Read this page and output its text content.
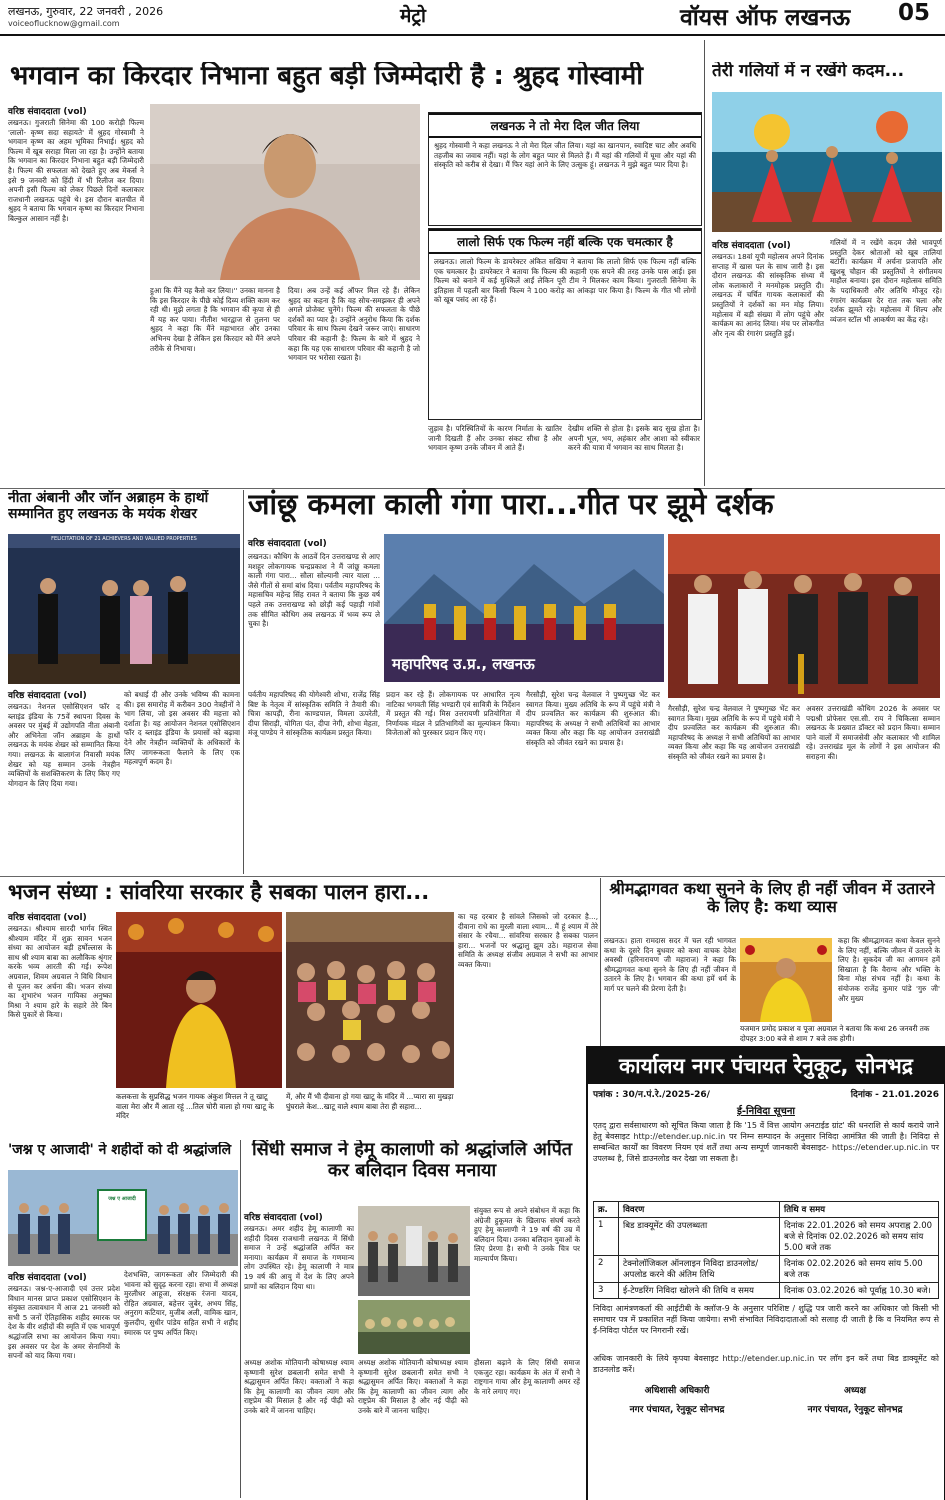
लखनऊ, गुरुवार, 22 जनवरी , 2026
voiceoflucknow@gmail.com	मेट्रो	वॉयस ऑफ लखनऊ 05
भगवान का किरदार निभाना बहुत बड़ी जिम्मेदारी है : श्रुहद गोस्वामी
वरिष्ठ संवाददाता (vol)
लखनऊ। गुजराती सिनेमा की 100 करोड़ी फिल्म 'लालो- कृष्ण सदा सहायते' में श्रुहद गोस्वामी ने भगवान कृष्ण का अहम भूमिका निभाई। श्रुहद को फिल्म में खूब सराहा मिला जा रहा है। उन्होंने बताया कि भगवान का किरदार निभाना बहुत बड़ी जिम्मेदारी है। फिल्म की सफलता को देखते हुए अब मेकर्स ने इसे 9 जनवरी को हिंदी में भी रिलीज कर दिया। अपनी इसी फिल्म को लेकर पिछले दिनों कलाकार राजधानी लखनऊ पहुंचे थे। इस दौरान बातचीत में श्रुहद ने बताया कि भगवान कृष्ण का किरदार निभाना बिल्कुल आसान नहीं है।
हुआ कि मैंने यह कैसे कर लिया।'' उनका मानना है कि इस किरदार के पीछे कोई दिव्य शक्ति काम कर रही थी। मुझे लगता है कि भगवान की कृपा से ही मैं यह कर पाया। नीतीश भारद्वाज से तुलना पर श्रुहद ने कहा कि मैंने महाभारत और उनका अभिनय देखा है लेकिन इस किरदार को मैंने अपने तरीके से निभाया।
दिया। अब उन्हें कई ऑफर मिल रहे हैं। लेकिन श्रुहद का कहना है कि वह सोच-समझकर ही अपने अगले प्रोजेक्ट चुनेंगे। फिल्म की सफलता के पीछे दर्शकों का प्यार है। उन्होंने अनुरोध किया कि दर्शक परिवार के साथ फिल्म देखने जरूर जाएं। साधारण परिवार की कहानी है: फिल्म के बारे में श्रुहद ने कहा कि यह एक साधारण परिवार की कहानी है जो भगवान पर भरोसा रखता है।
लखनऊ ने तो मेरा दिल जीत लिया
श्रुहद गोस्वामी ने कहा लखनऊ ने तो मेरा दिल जीत लिया। यहां का खानपान, स्वादिष्ट चाट और अवधि तहजीब का जवाब नहीं। यहां के लोग बहुत प्यार से मिलते हैं। मैं यहां की गलियों में घूमा और यहां की संस्कृति को करीब से देखा। मैं फिर यहां आने के लिए उत्सुक हूं। लखनऊ ने मुझे बहुत प्यार दिया है।
लालो सिर्फ एक फिल्म नहीं बल्कि एक चमत्कार है
लखनऊ। लालो फिल्म के डायरेक्टर अंकित सखिया ने बताया कि लालो सिर्फ एक फिल्म नहीं बल्कि एक चमत्कार है। डायरेक्टर ने बताया कि फिल्म की कहानी एक सपने की तरह उनके पास आई। इस फिल्म को बनाने में कई मुश्किलें आईं लेकिन पूरी टीम ने मिलकर काम किया। गुजराती सिनेमा के इतिहास में पहली बार किसी फिल्म ने 100 करोड़ का आंकड़ा पार किया है। फिल्म के गीत भी लोगों को खूब पसंद आ रहे हैं।
जुड़ाव है। परिस्थितियों के कारण निर्माता के खातिर जानी दिखती हैं और उनका संकट सीधा है और भगवान कृष्ण उनके जीवन में आते हैं।
देखीम शक्ति से होता है। इसके बाद सुख होता है। अपनी भूल, भय, अहंकार और आशा को स्वीकार करने की यात्रा में भगवान का साथ मिलता है।
तेरी गलियों में न रखेंगे कदम...
वरिष्ठ संवाददाता (vol)
लखनऊ। 18वां यूपी महोत्सव अपने दिनांक सप्ताह में खास पल के साथ जारी है। इस दौरान लखनऊ की सांस्कृतिक संध्या में लोक कलाकारों ने मनमोहक प्रस्तुति दी। लखनऊ में चर्चित गायक कलाकारों की प्रस्तुतियों ने दर्शकों का मन मोह लिया। महोत्सव में बड़ी संख्या में लोग पहुंचे और कार्यक्रम का आनंद लिया। मंच पर लोकगीत और नृत्य की रंगारंग प्रस्तुति हुई।
गलियों में न रखेंगे कदम जैसे भावपूर्ण प्रस्तुति देकर श्रोताओं को खूब तालियां बटोरीं। कार्यक्रम में अर्चना प्रजापति और खुशबू चौहान की प्रस्तुतियों ने संगीतमय माहौल बनाया। इस दौरान महोत्सव समिति के पदाधिकारी और अतिथि मौजूद रहे। रंगारंग कार्यक्रम देर रात तक चला और दर्शक झूमते रहे। महोत्सव में शिल्प और व्यंजन स्टॉल भी आकर्षण का केंद्र रहे।
नीता अंबानी और जॉन अब्राहम के हाथों सम्मानित हुए लखनऊ के मयंक शेखर
FELICITATION OF 21 ACHIEVERS AND VALUED PROPERTIES
वरिष्ठ संवाददाता (vol)
लखनऊ। नेशनल एसोसिएशन फॉर द ब्लाइंड इंडिया के 75वें स्थापना दिवस के अवसर पर मुंबई में उद्योगपति नीता अंबानी और अभिनेता जॉन अब्राहम के हाथों लखनऊ के मयंक शेखर को सम्मानित किया गया। लखनऊ के बालागंज निवासी मयंक शेखर को यह सम्मान उनके नेत्रहीन व्यक्तियों के सशक्तिकरण के लिए किए गए योगदान के लिए दिया गया।
को बधाई दी और उनके भविष्य की कामना की। इस समारोह में करीबन 300 नेत्रहीनों ने भाग लिया, जो इस अवसर की महत्ता को दर्शाता है। यह आयोजन नेशनल एसोसिएशन फॉर द ब्लाइंड इंडिया के प्रयासों को बढ़ावा देने और नेत्रहीन व्यक्तियों के अधिकारों के लिए जागरूकता फैलाने के लिए एक महत्वपूर्ण कदम है।
जांछू कमला काली गंगा पारा...गीत पर झूमे दर्शक
वरिष्ठ संवाददाता (vol)
लखनऊ। कौथिग के आठवें दिन उत्तराखण्ड से आए मशहूर लोकगायक चन्द्रप्रकाश ने मैं जांछू कमला काली गंगा पारा... सौला सोल्यानी त्यार याला ... जैसे गीतों से समां बांध दिया। पर्वतीय महापरिषद के महासचिव महेन्द्र सिंह रावत ने बताया कि कुछ वर्ष पहले तक उत्तराखण्ड को छोड़ी कई पहाड़ी गांवों तक सीमित कौथिग अब लखनऊ में भव्य रूप ले चुका है।
महापरिषद उ.प्र., लखनऊ
पर्वतीय महापरिषद की योगेश्वरी शोभा, राजेंद्र सिंह बिष्ट के नेतृत्व में सांस्कृतिक समिति ने तैयारी की। चित्रा कापड़ी, रीना काण्डपाल, विमला ऊपरेती, दीपा सिराड़ी, योगिता पंत, दीपा नेगी, शोभा मेहता, मंजू पाण्डेय ने सांस्कृतिक कार्यक्रम प्रस्तुत किया।
प्रदान कर रहे हैं। लोकगायक पर आधारित नृत्य नाटिका भगवती सिंह भण्डारी एवं सावित्री के निर्देशन में प्रस्तुत की गई। मिस उत्तरायणी प्रतियोगिता में निर्णायक मंडल ने प्रतिभागियों का मूल्यांकन किया। विजेताओं को पुरस्कार प्रदान किए गए।
गैरसौड़ी, सुरेश चन्द्र वेलवाल ने पुष्पगुच्छ भेंट कर स्वागत किया। मुख्य अतिथि के रूप में पहुंचे मंत्री ने दीप प्रज्वलित कर कार्यक्रम की शुरुआत की। महापरिषद के अध्यक्ष ने सभी अतिथियों का आभार व्यक्त किया और कहा कि यह आयोजन उत्तराखंडी संस्कृति को जीवंत रखने का प्रयास है।
गैरसौड़ी, सुरेश चन्द्र वेलवाल ने पुष्पगुच्छ भेंट कर स्वागत किया। मुख्य अतिथि के रूप में पहुंचे मंत्री ने दीप प्रज्वलित कर कार्यक्रम की शुरुआत की। महापरिषद के अध्यक्ष ने सभी अतिथियों का आभार व्यक्त किया और कहा कि यह आयोजन उत्तराखंडी संस्कृति को जीवंत रखने का प्रयास है।
अवसर उत्तराखंडी कौथिग 2026 के अवसर पर पद्मश्री प्रोफेसर एस.सी. राय ने चिकित्सा सम्मान लखनऊ के प्रख्यात डॉक्टर को प्रदान किया। सम्मान पाने वालों में समाजसेवी और कलाकार भी शामिल रहे। उत्तराखंड मूल के लोगों ने इस आयोजन की सराहना की।
भजन संध्या : सांवरिया सरकार है सबका पालन हारा...
वरिष्ठ संवाददाता (vol)
लखनऊ। श्रीश्याम सारदी भार्गव स्थित श्रीश्याम मंदिर में शुक्र सावन भजन संध्या का आयोजन बड़ी हर्षोल्लास के साथ श्री श्याम बाबा का अलौकिक श्रृंगार करके भव्य आरती की गई। रूपेश अग्रवाल, शिवम अग्रवाल ने विधि विधान से पूजन कर अर्चना की। भजन संध्या का शुभारंभ भजन गायिका अनुष्का मिश्रा ने श्याम हारे के सहारे तेरे बिन किसे पुकारें से किया।
कलकत्ता के सुप्रसिद्ध भजन गायक अंकुश मित्तल ने तू खाटू वाला मेरा और मैं आता रहूं ...तिल चोरी वाला हो गया खाटू के मंदिर
में, और मैं भी दीवाना हो गया खाटू के मंदिर में ...प्यारा सा मुखड़ा घुंघराले केश...खाटू वाले श्याम बाबा तेरा ही सहारा...
का यह दरबार है सांवले जिसको जो दरकार है..., दीवाना राधे का मुरली वाला श्याम... मैं हूं श्याम में तेरे संसार के रचैया... सांवरिया सरकार है सबका पालन हारा... भजनों पर श्रद्धालु झूम उठे। महाराज सेवा समिति के अध्यक्ष संजीव अग्रवाल ने सभी का आभार व्यक्त किया।
श्रीमद्भागवत कथा सुनने के लिए ही नहीं जीवन में उतारने के लिए है: कथा व्यास
लखनऊ। हाता रामदास सदर में चल रही भागवत कथा के दूसरे दिन बुधवार को कथा वाचक देवेश अवस्थी (हरिनारायण जी महाराज) ने कहा कि श्रीमद्भागवत कथा सुनने के लिए ही नहीं जीवन में उतारने के लिए है। भगवान की कथा हमें धर्म के मार्ग पर चलने की प्रेरणा देती है।
कहा कि श्रीमद्भागवत कथा केवल सुनने के लिए नहीं, बल्कि जीवन में उतारने के लिए है। सुकदेव जी का आगमन हमें सिखाता है कि वैराग्य और भक्ति के बिना मोक्ष संभव नहीं है। कथा के संयोजक राजेंद्र कुमार पांडे 'गुरु जी' और मुख्य
यजमान प्रमोद प्रकाश व पूजा अग्रवाल ने बताया कि कथा 26 जनवरी तक दोपहर 3:00 बजे से शाम 7 बजे तक होगी।
कार्यालय नगर पंचायत रेनुकूट, सोनभद्र
पत्रांक : 30/न.पं.रे./2025-26/	दिनांक - 21.01.2026
ई-निविदा सूचना
एतद् द्वारा सर्वसाधारण को सूचित किया जाता है कि '15 वें वित्त आयोग अनटाईड ग्रांट' की धनराशि से कार्य कराये जाने हेतु बेवसाइट http://etender.up.nic.in पर निम्न सम्पादन के अनुसार निविदा आमंत्रित की जाती है। निविदा से सम्बन्धित कार्यों का विवरण नियम एवं शर्तें तथा अन्य सम्पूर्ण जानकारी बेवसाइट- https://etender.up.nic.in पर उपलब्ध है, जिसे डाउनलोड कर देखा जा सकता है।
क्र.	विवरण	तिथि व समय
1	बिड डाक्यूमेंट की उपलब्धता	दिनांक 22.01.2026 को समय अपराह्न 2.00 बजे से दिनांक 02.02.2026 को समय सांय 5.00 बजे तक
2	टेक्नोलॉजिकल ऑनलाइन निविदा डाउनलोड/अपलोड करने की अंतिम तिथि	दिनांक 02.02.2026 को समय सांय 5.00 बजे तक
3	ई-टेण्डरिंग निविदा खोलने की तिथि व समय	दिनांक 03.02.2026 को पूर्वाह्न 10.30 बजे।
निविदा आमंत्रणकर्ता की आईटीबी के क्लॉज-9 के अनुसार परिशिष्ट / शुद्धि पत्र जारी करने का अधिकार जो किसी भी समाचार पत्र में प्रकाशित नहीं किया जायेगा। सभी संभावित निविदादाताओं को सलाह दी जाती है कि व नियमित रूप से ई-निविदा पोर्टल पर निगरानी रखें।
अधिक जानकारी के लिये कृपया बेवसाइट http://etender.up.nic.in पर लॉग इन करें तथा बिड डाक्यूमेंट को डाउनलोड करें।
अधिशासी अधिकारी
नगर पंचायत, रेनुकूट सोनभद्र
अध्यक्ष
नगर पंचायत, रेनुकूट सोनभद्र
'जश्न ए आजादी' ने शहीदों को दी श्रद्धांजलि
जश्न ए आजादी
वरिष्ठ संवाददाता (vol)
लखनऊ। जश्न-ए-आजादी एवं उत्तर प्रदेश विधान मानस प्राप्त प्रकाश एसोसिएशन के संयुक्त तत्वावधान में आज 21 जनवरी को सभी 5 जनों ऐतिहासिक शहीद स्मारक पर देश के वीर शहीदों की स्मृति में एक भावपूर्ण श्रद्धांजलि सभा का आयोजन किया गया। इस अवसर पर देश के अमर सेनानियों के सपनों को याद किया गया।
देशभक्ति, जागरूकता और जिम्मेदारी की भावना को सुदृढ़ करना रहा। सभा में अध्यक्ष मुरलीधर आहूजा, संरक्षक रंजना यादव, रोहित अग्रवाल, बहेत्तर जुबेर, अभय सिंह, अनुराग कटियार, मुजीब अली, वामिक खान, कुलदीप, सुधीर पांडेय सहित सभी ने शहीद स्मारक पर पुष्प अर्पित किए।
सिंधी समाज ने हेमू कालाणी को श्रद्धांजलि अर्पित कर बलिदान दिवस मनाया
वरिष्ठ संवाददाता (vol)
लखनऊ। अमर शहीद हेमू कालाणी का शहीदी दिवस राजधानी लखनऊ में सिंधी समाज ने उन्हें श्रद्धांजलि अर्पित कर मनाया। कार्यक्रम में समाज के गणमान्य लोग उपस्थित रहे। हेमू कालाणी ने मात्र 19 वर्ष की आयु में देश के लिए अपने प्राणों का बलिदान दिया था।
संयुक्त रूप से अपने संबोधन में कहा कि अंग्रेजी हुकूमत के खिलाफ संघर्ष करते हुए हेमू कालाणी ने 19 वर्ष की उम्र में बलिदान दिया। उनका बलिदान युवाओं के लिए प्रेरणा है। सभी ने उनके चित्र पर माल्यार्पण किया।
अध्यक्ष अशोक मोतियानी कोषाध्यक्ष श्याम कृष्णानी सुरेश छबलानी समेत सभी ने श्रद्धासुमन अर्पित किए। वक्ताओं ने कहा कि हेमू कालाणी का जीवन त्याग और राष्ट्रप्रेम की मिसाल है और नई पीढ़ी को उनके बारे में जानना चाहिए।
अध्यक्ष अशोक मोतियानी कोषाध्यक्ष श्याम कृष्णानी सुरेश छबलानी समेत सभी ने श्रद्धासुमन अर्पित किए। वक्ताओं ने कहा कि हेमू कालाणी का जीवन त्याग और राष्ट्रप्रेम की मिसाल है और नई पीढ़ी को उनके बारे में जानना चाहिए।
हौसला बढ़ाने के लिए सिंधी समाज एकजुट रहा। कार्यक्रम के अंत में सभी ने राष्ट्रगान गाया और हेमू कालाणी अमर रहें के नारे लगाए गए।
